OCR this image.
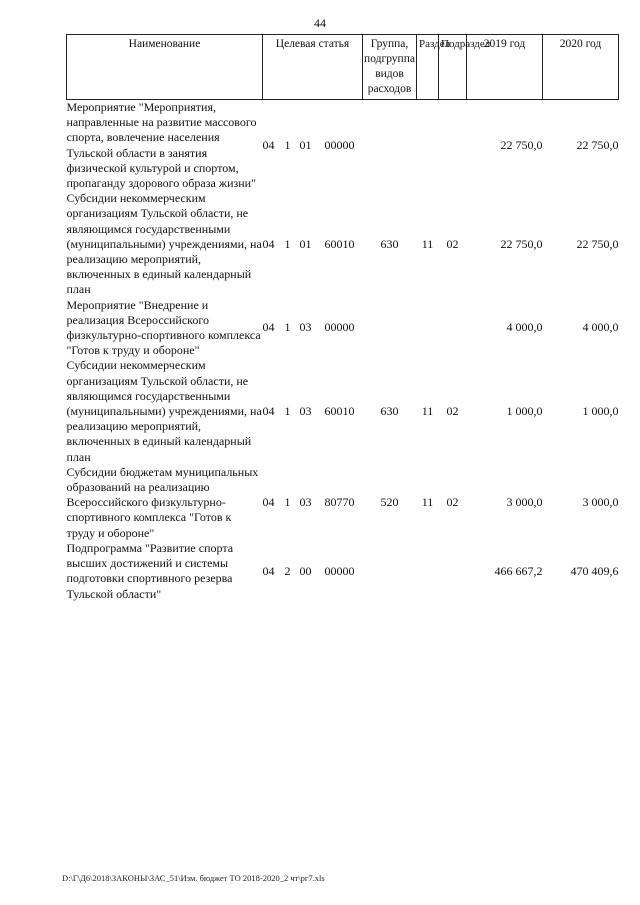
44
Наименование	Целевая статья	Группа, подгруппа видов расходов	Раздел	Подраздел	2019 год	2020 год
Мероприятие "Мероприятия, направленные на развитие массового спорта, вовлечение населения Тульской области в занятия физической культурой и спортом, пропаганду здорового образа жизни"	04 1 01 00000				22 750,0	22 750,0
Субсидии некоммерческим организациям Тульской области, не являющимся государственными (муниципальными) учреждениями, на реализацию мероприятий, включенных в единый календарный план	04 1 01 60010	630	11	02	22 750,0	22 750,0
Мероприятие "Внедрение и реализация Всероссийского физкультурно-спортивного комплекса "Готов к труду и обороне"	04 1 03 00000				4 000,0	4 000,0
Субсидии некоммерческим организациям Тульской области, не являющимся государственными (муниципальными) учреждениями, на реализацию мероприятий, включенных в единый календарный план	04 1 03 60010	630	11	02	1 000,0	1 000,0
Субсидии бюджетам муниципальных образований на реализацию Всероссийского физкультурно-спортивного комплекса "Готов к труду и обороне"	04 1 03 80770	520	11	02	3 000,0	3 000,0
Подпрограмма "Развитие спорта высших достижений и системы подготовки спортивного резерва Тульской области"	04 2 00 00000				466 667,2	470 409,6
D:\Г\Д6\2018\ЗАКОНЫ\ЗАС_51\Изм. бюджет ТО 2018-2020_2 чт\рг7.xls
